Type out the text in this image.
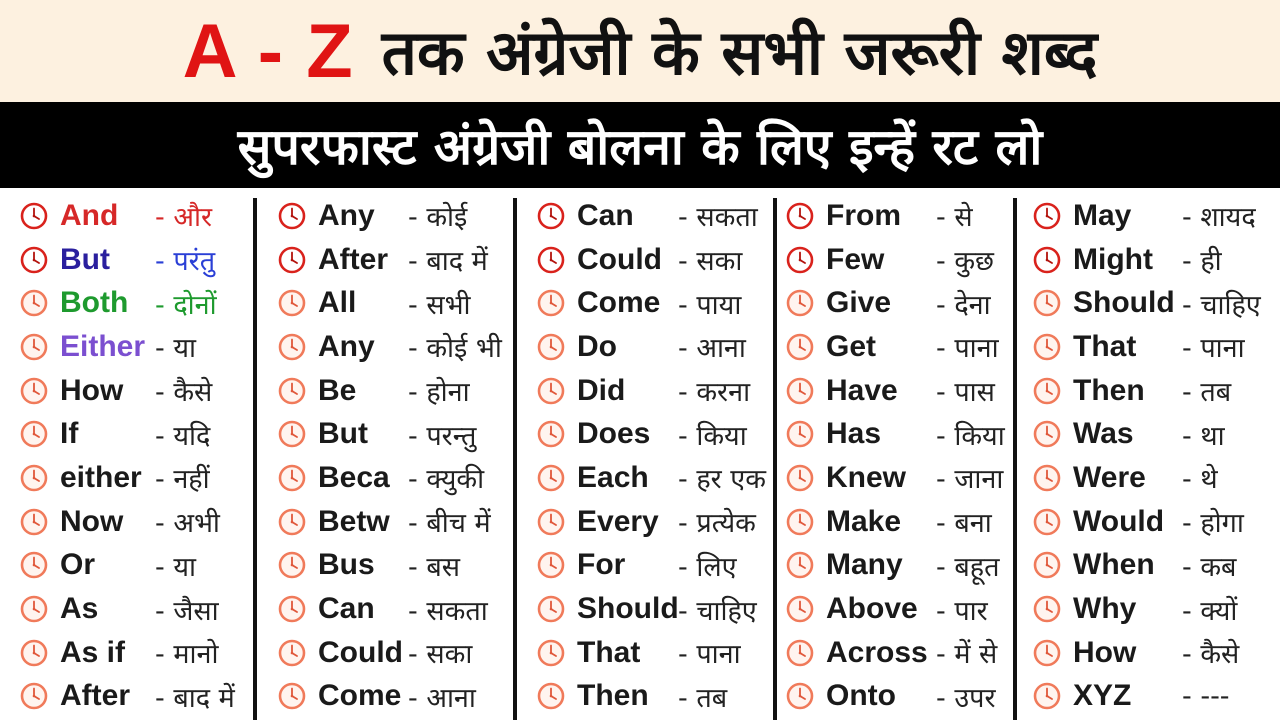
A - Z तक अंग्रेजी के सभी जरूरी शब्द
सुपरफास्ट अंग्रेजी बोलना के लिए इन्हें रट लो
And - और
But - परंतु
Both - दोनों
Either - या
How - कैसे
If	- यदि
either - नहीं
Now - अभी
Or - या
As - जैसा
As if - मानो
After - बाद में
Any - कोई
After - बाद में
All - सभी
Any - कोई भी
Be - होना
But - परन्तु
Beca - क्युकी
Betw - बीच में
Bus - बस
Can - सकता
Could - सका
Come - आना
Can - सकता
Could - सका
Come - पाया
Do - आना
Did - करना
Does - किया
Each - हर एक
Every - प्रत्येक
For - लिए
Should - चाहिए
That - पाना
Then - तब
From - से
Few - कुछ
Give - देना
Get - पाना
Have - पास
Has - किया
Knew - जाना
Make - बना
Many - बहूत
Above - पार
Across - में से
Onto - उपर
May - शायद
Might - ही
Should - चाहिए
That - पाना
Then - तब
Was - था
Were - थे
Would - होगा
When - कब
Why - क्यों
How - कैसे
XYZ - ---
